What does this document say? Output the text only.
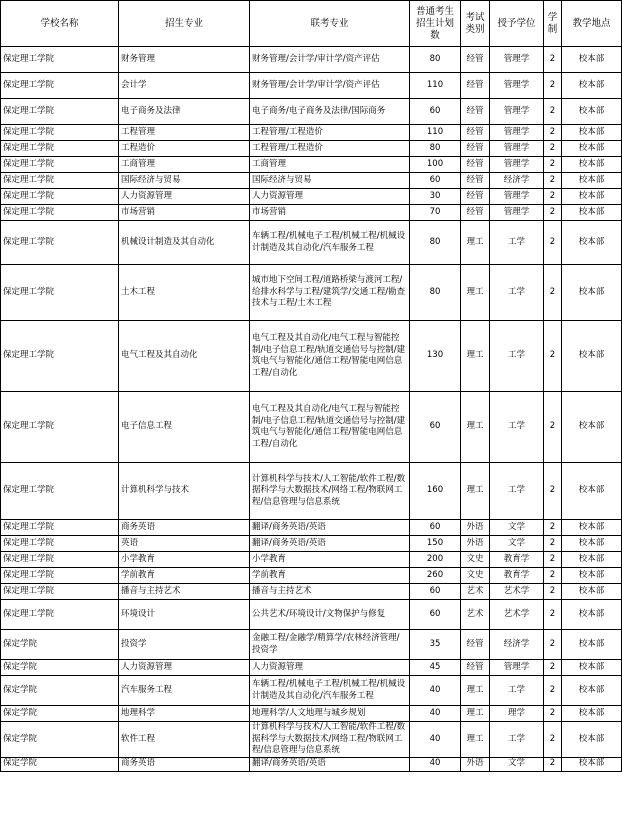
学校名称	招生专业	联考专业	普通考生招生计划数	考试类别	授予学位	学制	教学地点
保定理工学院	财务管理	财务管理/会计学/审计学/资产评估	80	经管	管理学	2	校本部
保定理工学院	会计学	财务管理/会计学/审计学/资产评估	110	经管	管理学	2	校本部
保定理工学院	电子商务及法律	电子商务/电子商务及法律/国际商务	60	经管	管理学	2	校本部
保定理工学院	工程管理	工程管理/工程造价	110	经管	管理学	2	校本部
保定理工学院	工程造价	工程管理/工程造价	80	经管	管理学	2	校本部
保定理工学院	工商管理	工商管理	100	经管	管理学	2	校本部
保定理工学院	国际经济与贸易	国际经济与贸易	60	经管	经济学	2	校本部
保定理工学院	人力资源管理	人力资源管理	30	经管	管理学	2	校本部
保定理工学院	市场营销	市场营销	70	经管	管理学	2	校本部
保定理工学院	机械设计制造及其自动化	车辆工程/机械电子工程/机械工程/机械设计制造及其自动化/汽车服务工程	80	理工	工学	2	校本部
保定理工学院	土木工程	城市地下空间工程/道路桥梁与渡河工程/给排水科学与工程/建筑学/交通工程/勘查技术与工程/土木工程	80	理工	工学	2	校本部
保定理工学院	电气工程及其自动化	电气工程及其自动化/电气工程与智能控制/电子信息工程/轨道交通信号与控制/建筑电气与智能化/通信工程/智能电网信息工程/自动化	130	理工	工学	2	校本部
保定理工学院	电子信息工程	电气工程及其自动化/电气工程与智能控制/电子信息工程/轨道交通信号与控制/建筑电气与智能化/通信工程/智能电网信息工程/自动化	60	理工	工学	2	校本部
保定理工学院	计算机科学与技术	计算机科学与技术/人工智能/软件工程/数据科学与大数据技术/网络工程/物联网工程/信息管理与信息系统	160	理工	工学	2	校本部
保定理工学院	商务英语	翻译/商务英语/英语	60	外语	文学	2	校本部
保定理工学院	英语	翻译/商务英语/英语	150	外语	文学	2	校本部
保定理工学院	小学教育	小学教育	200	文史	教育学	2	校本部
保定理工学院	学前教育	学前教育	260	文史	教育学	2	校本部
保定理工学院	播音与主持艺术	播音与主持艺术	60	艺术	艺术学	2	校本部
保定理工学院	环境设计	公共艺术/环境设计/文物保护与修复	60	艺术	艺术学	2	校本部
保定学院	投资学	金融工程/金融学/精算学/农林经济管理/投资学	35	经管	经济学	2	校本部
保定学院	人力资源管理	人力资源管理	45	经管	管理学	2	校本部
保定学院	汽车服务工程	车辆工程/机械电子工程/机械工程/机械设计制造及其自动化/汽车服务工程	40	理工	工学	2	校本部
保定学院	地理科学	地理科学/人文地理与城乡规划	40	理工	理学	2	校本部
保定学院	软件工程	计算机科学与技术/人工智能/软件工程/数据科学与大数据技术/网络工程/物联网工程/信息管理与信息系统	40	理工	工学	2	校本部
保定学院	商务英语	翻译/商务英语/英语	40	外语	文学	2	校本部
